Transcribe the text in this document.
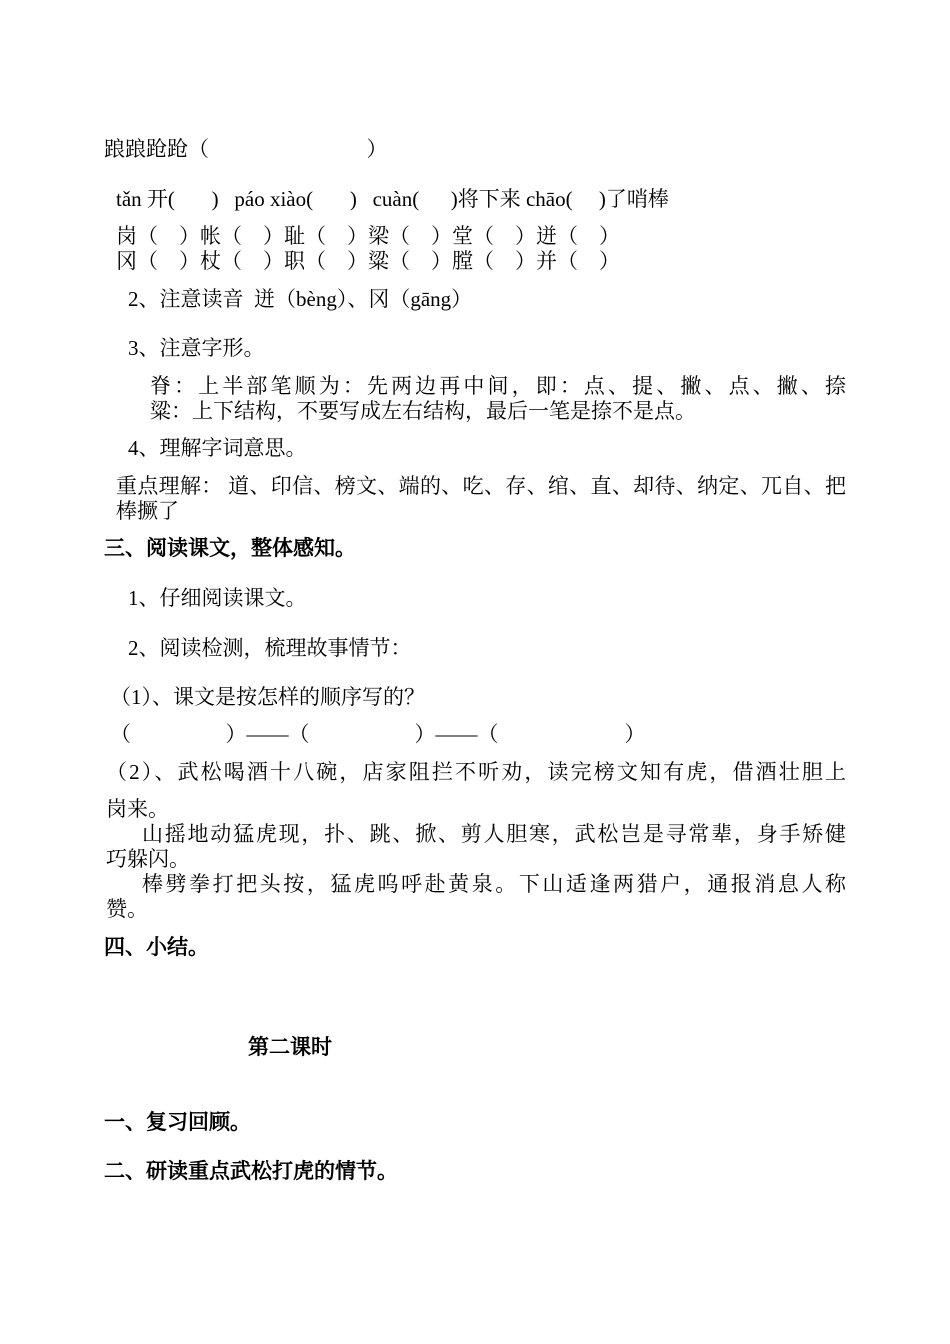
踉踉跄跄（                              ）
tǎn 开(       )   páo xiào(       )   cuàn(      )将下来 chāo(     )了哨棒
岗（    ）帐（    ）耻（    ）梁（    ）堂（    ）迸（    ）
冈（    ）杖（    ）职（    ）粱（    ）膛（    ）并（    ）
2、注意读音  迸（bèng）、冈（gāng）
3、注意字形。
脊：上半部笔顺为：先两边再中间，即：点、提、撇、点、撇、捺
粱：上下结构，不要写成左右结构，最后一笔是捺不是点。
4、理解字词意思。
重点理解： 道、印信、榜文、端的、吃、存、绾、直、却待、纳定、兀自、把
棒撅了
三、阅读课文，整体感知。
1、仔细阅读课文。
2、阅读检测，梳理故事情节：
（1）、课文是按怎样的顺序写的？
（                  ）——（                    ）——（                        ）
（2）、武松喝酒十八碗，店家阻拦不听劝，读完榜文知有虎，借酒壮胆上
岗来。
山摇地动猛虎现，扑、跳、掀、剪人胆寒，武松岂是寻常辈，身手矫健
巧躲闪。
棒劈拳打把头按，猛虎呜呼赴黄泉。下山适逢两猎户，通报消息人称
赞。
四、小结。
第二课时
一、复习回顾。
二、研读重点武松打虎的情节。
